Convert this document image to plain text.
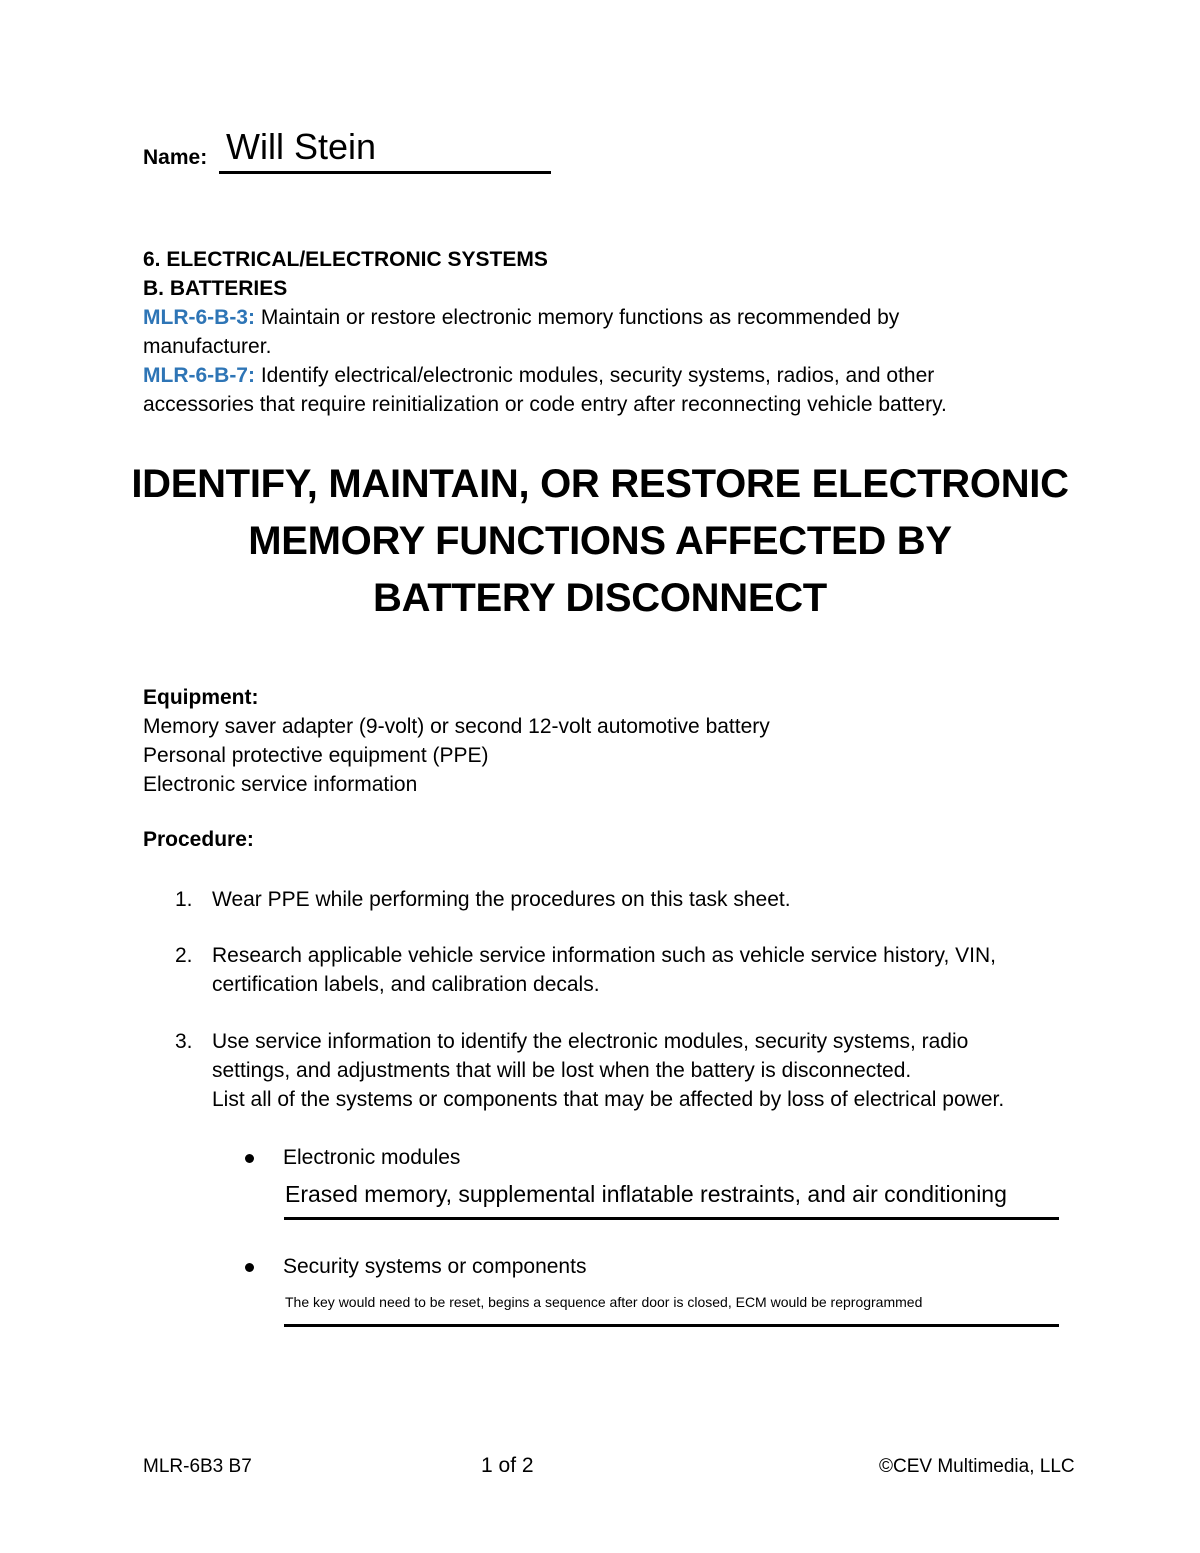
Name: Will Stein
6. ELECTRICAL/ELECTRONIC SYSTEMS
B. BATTERIES
MLR-6-B-3: Maintain or restore electronic memory functions as recommended by
manufacturer.
MLR-6-B-7: Identify electrical/electronic modules, security systems, radios, and other
accessories that require reinitialization or code entry after reconnecting vehicle battery.
IDENTIFY, MAINTAIN, OR RESTORE ELECTRONIC
MEMORY FUNCTIONS AFFECTED BY
BATTERY DISCONNECT
Equipment:
Memory saver adapter (9-volt) or second 12-volt automotive battery
Personal protective equipment (PPE)
Electronic service information
Procedure:
1. Wear PPE while performing the procedures on this task sheet.
2. Research applicable vehicle service information such as vehicle service history, VIN,
certification labels, and calibration decals.
3. Use service information to identify the electronic modules, security systems, radio
settings, and adjustments that will be lost when the battery is disconnected.
List all of the systems or components that may be affected by loss of electrical power.
Electronic modules
Erased memory, supplemental inflatable restraints, and air conditioning
Security systems or components
The key would need to be reset, begins a sequence after door is closed, ECM would be reprogrammed
MLR-6B3 B7	1 of 2	©CEV Multimedia, LLC
